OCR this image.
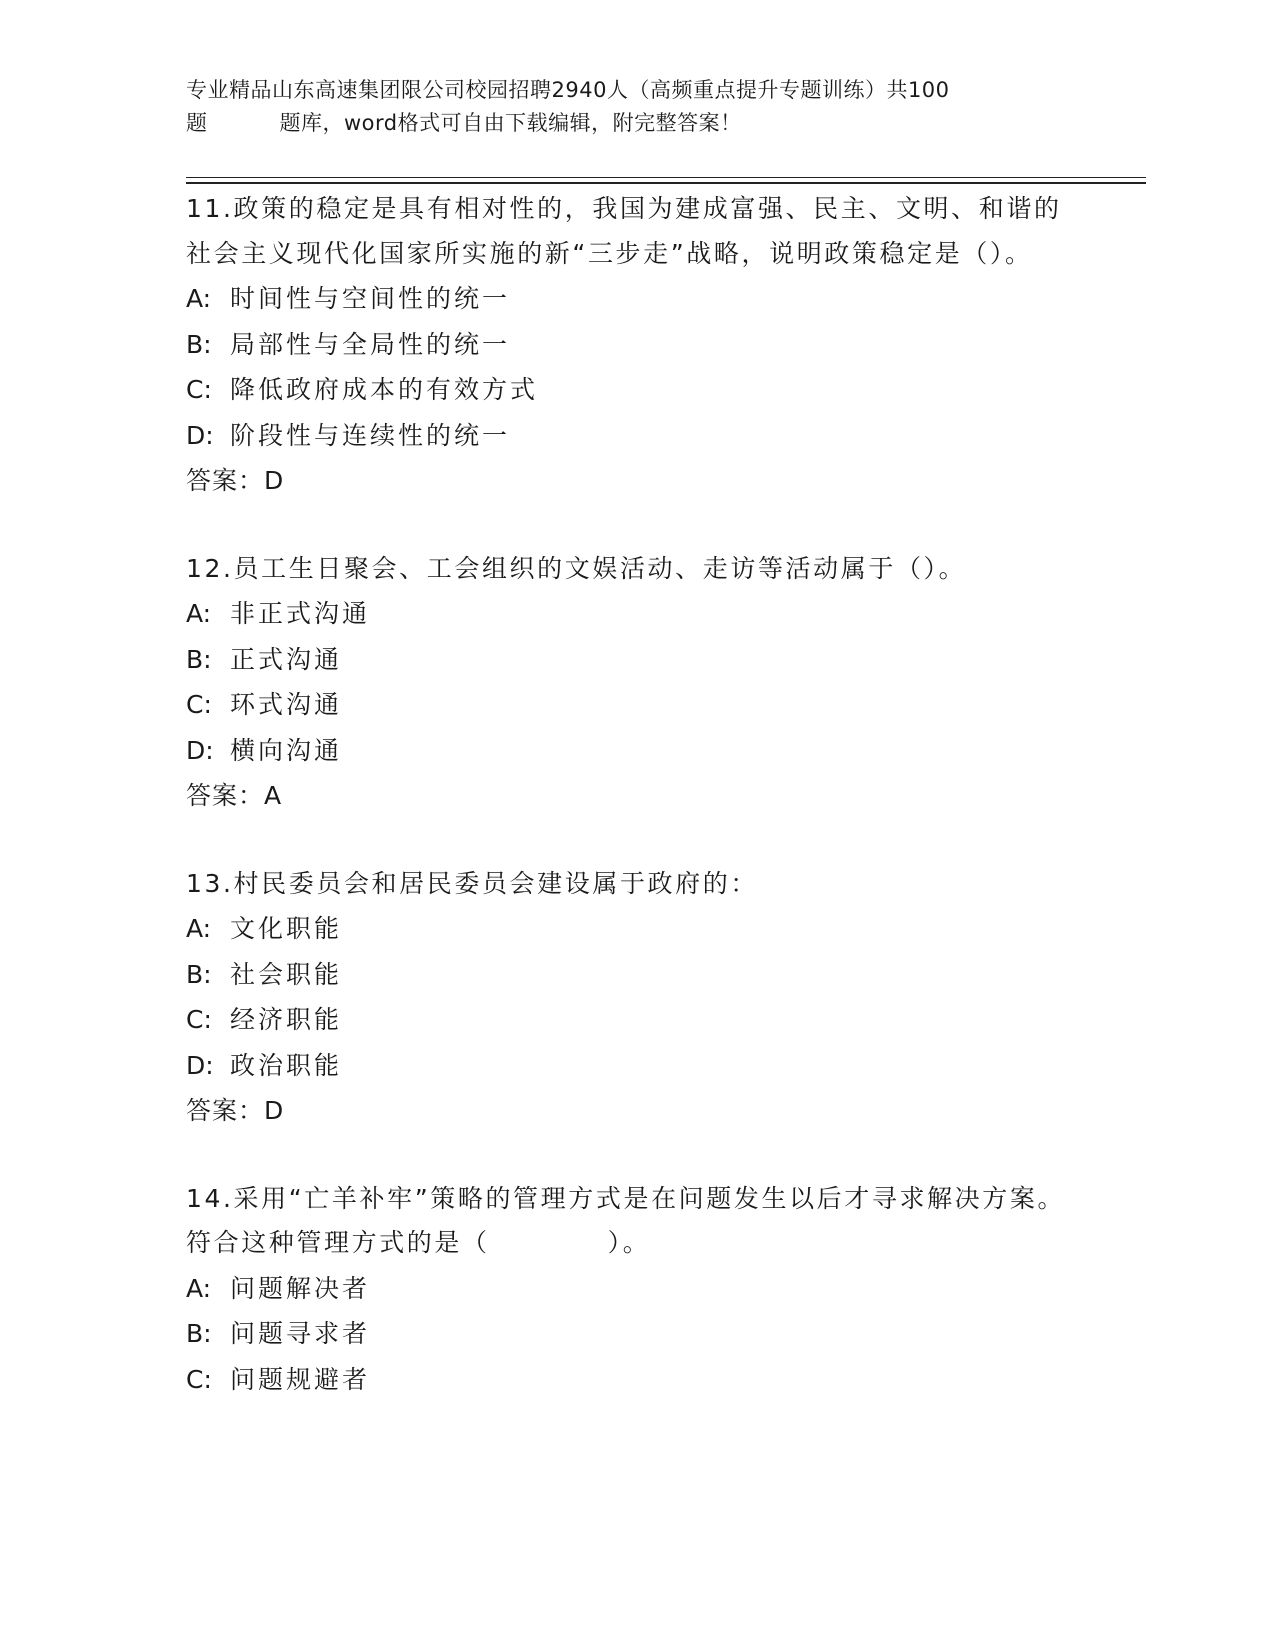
专业精品山东高速集团限公司校园招聘2940人（高频重点提升专题训练）共100
题	题库，word格式可自由下载编辑，附完整答案！
11.政策的稳定是具有相对性的，我国为建成富强、民主、文明、和谐的社会主义现代化国家所实施的新“三步走”战略，说明政策稳定是（）。
A: 时间性与空间性的统一
B: 局部性与全局性的统一
C: 降低政府成本的有效方式
D: 阶段性与连续性的统一
答案：D
12.员工生日聚会、工会组织的文娱活动、走访等活动属于（）。
A: 非正式沟通
B: 正式沟通
C: 环式沟通
D: 横向沟通
答案：A
13.村民委员会和居民委员会建设属于政府的：
A: 文化职能
B: 社会职能
C: 经济职能
D: 政治职能
答案：D
14.采用“亡羊补牢”策略的管理方式是在问题发生以后才寻求解决方案。符合这种管理方式的是（	）。
A: 问题解决者
B: 问题寻求者
C: 问题规避者
